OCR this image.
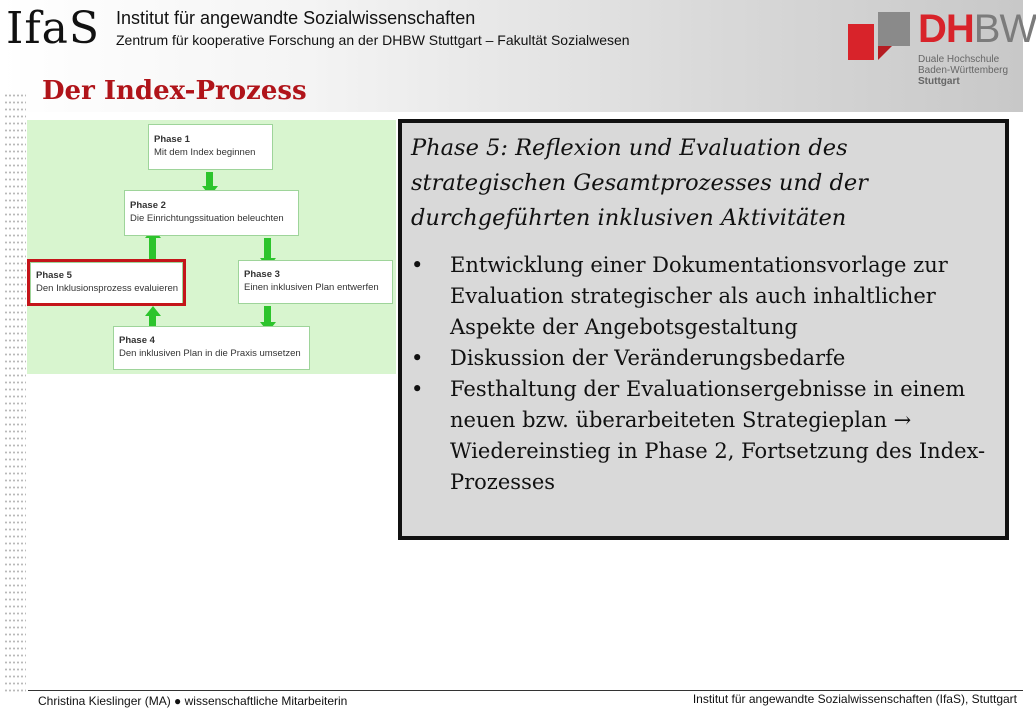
IfaS Institut für angewandte Sozialwissenschaften
Zentrum für kooperative Forschung an der DHBW Stuttgart – Fakultät Sozialwesen	DHBW
Duale Hochschule
Baden-Württemberg
Stuttgart
Der Index-Prozess
Phase 1
Mit dem Index beginnen
Phase 2
Die Einrichtungssituation beleuchten
Phase 3
Einen inklusiven Plan entwerfen
Phase 4
Den inklusiven Plan in die Praxis umsetzen
Phase 5
Den Inklusionsprozess evaluieren

Phase 5: Reflexion und Evaluation des strategischen Gesamtprozesses und der durchgeführten inklusiven Aktivitäten

• Entwicklung einer Dokumentationsvorlage zur Evaluation strategischer als auch inhaltlicher Aspekte der Angebotsgestaltung
• Diskussion der Veränderungsbedarfe
• Festhaltung der Evaluationsergebnisse in einem neuen bzw. überarbeiteten Strategieplan → Wiedereinstieg in Phase 2, Fortsetzung des Index-Prozesses
Christina Kieslinger (MA) ● wissenschaftliche Mitarbeiterin	Institut für angewandte Sozialwissenschaften (IfaS), Stuttgart
